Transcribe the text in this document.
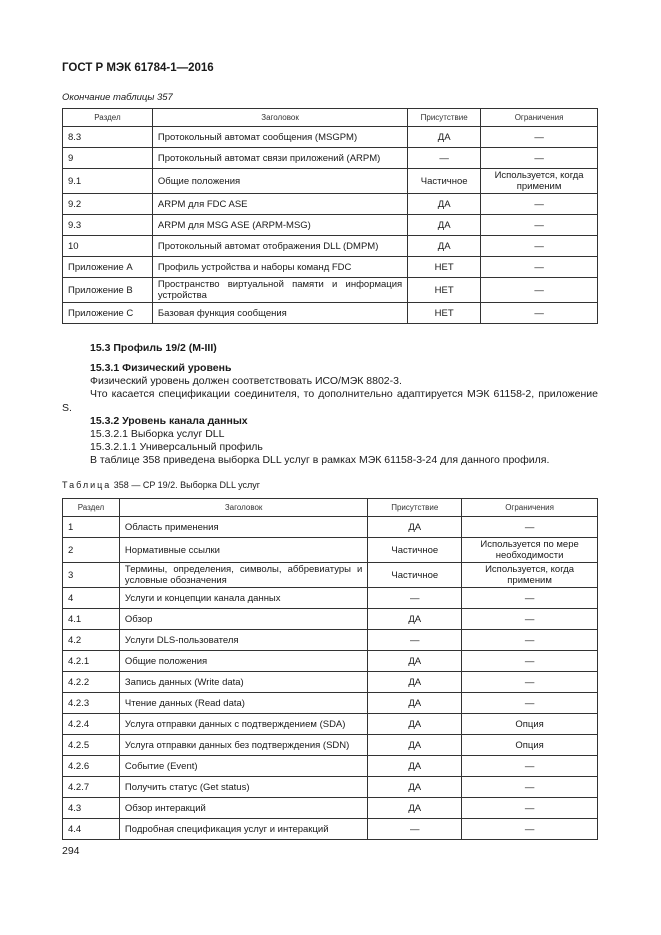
ГОСТ Р МЭК 61784-1—2016
Окончание таблицы 357
Раздел	Заголовок	Присутствие	Ограничения
8.3	Протокольный автомат сообщения (MSGPM)	ДА	—
9	Протокольный автомат связи приложений (ARPM)	—	—
9.1	Общие положения	Частичное	Используется, когда применим
9.2	ARPM для FDC ASE	ДА	—
9.3	ARPM для MSG ASE (ARPM-MSG)	ДА	—
10	Протокольный автомат отображения DLL (DMPM)	ДА	—
Приложение A	Профиль устройства и наборы команд FDC	НЕТ	—
Приложение B	Пространство виртуальной памяти и информация устройства	НЕТ	—
Приложение C	Базовая функция сообщения	НЕТ	—
15.3 Профиль 19/2 (M-III)
15.3.1 Физический уровень
Физический уровень должен соответствовать ИСО/МЭК 8802-3.
Что касается спецификации соединителя, то дополнительно адаптируется МЭК 61158-2, приложение S.
15.3.2 Уровень канала данных
15.3.2.1 Выборка услуг DLL
15.3.2.1.1 Универсальный профиль
В таблице 358 приведена выборка DLL услуг в рамках МЭК 61158-3-24 для данного профиля.
Таблица 358 — CP 19/2. Выборка DLL услуг
Раздел	Заголовок	Присутствие	Ограничения
1	Область применения	ДА	—
2	Нормативные ссылки	Частичное	Используется по мере необходимости
3	Термины, определения, символы, аббревиатуры и условные обозначения	Частичное	Используется, когда применим
4	Услуги и концепции канала данных	—	—
4.1	Обзор	ДА	—
4.2	Услуги DLS-пользователя	—	—
4.2.1	Общие положения	ДА	—
4.2.2	Запись данных (Write data)	ДА	—
4.2.3	Чтение данных (Read data)	ДА	—
4.2.4	Услуга отправки данных с подтверждением (SDA)	ДА	Опция
4.2.5	Услуга отправки данных без подтверждения (SDN)	ДА	Опция
4.2.6	Событие (Event)	ДА	—
4.2.7	Получить статус (Get status)	ДА	—
4.3	Обзор интеракций	ДА	—
4.4	Подробная спецификация услуг и интеракций	—	—
294
